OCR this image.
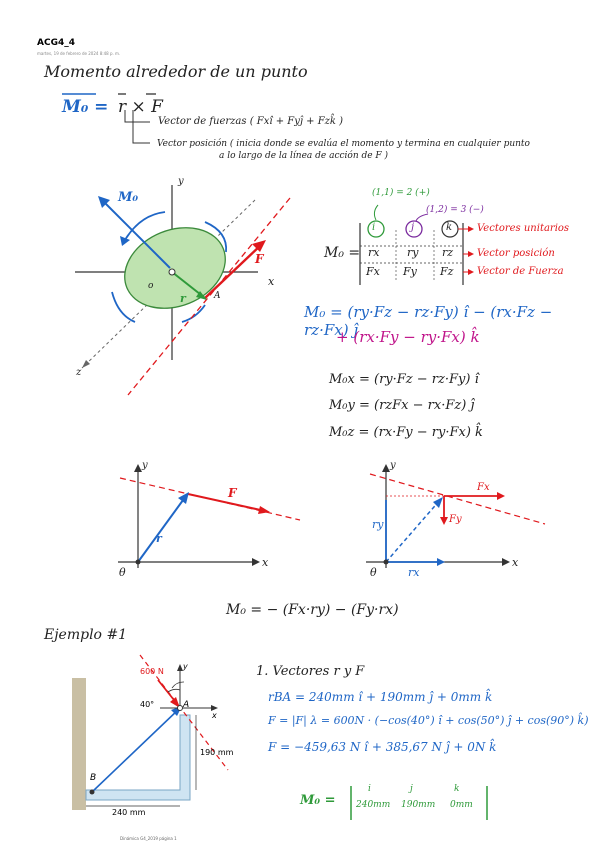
ACG4_4
martes, 19 de febrero de 2024 8:48 p. m.
Momento alrededor de un punto
M₀ = r × F
Vector de fuerzas ( Fxî + Fyĵ + Fzk̂ )
Vector posición ( inicia donde se evalúa el momento y termina en cualquier punto
a lo largo de la línea de acción de F )
y
x
z
o
M₀
F
r	A
(1,1) = 2 (+)
(1,2) = 3 (−)
M₀ =
i	j	k
rx	ry rz
Fx Fy Fz
Vectores unitarios
Vector posición
Vector de Fuerza
M₀ = (ry·Fz − rz·Fy) î − (rx·Fz − rz·Fx) ĵ
+ (rx·Fy − ry·Fx) k̂
M₀x = (ry·Fz − rz·Fy) î
M₀y = (rzFx − rx·Fz) ĵ
M₀z = (rx·Fy − ry·Fx) k̂
y
x
θ
F
r
y
x
θ
Fx
Fy
ry
rx
M₀ = − (Fx·ry) − (Fy·rx)
Ejemplo #1
600 N
40°	A
B
y
x
190 mm
240 mm
1. Vectores r y F
rBA = 240mm î + 190mm ĵ + 0mm k̂
F = |F| λ = 600N · (−cos(40°) î + cos(50°) ĵ + cos(90°) k̂)
F = −459,63 N î + 385,67 N ĵ + 0N k̂
M₀ =
i	j	k
240mm 190mm 0mm
Dinámica G4_2019 página 1
